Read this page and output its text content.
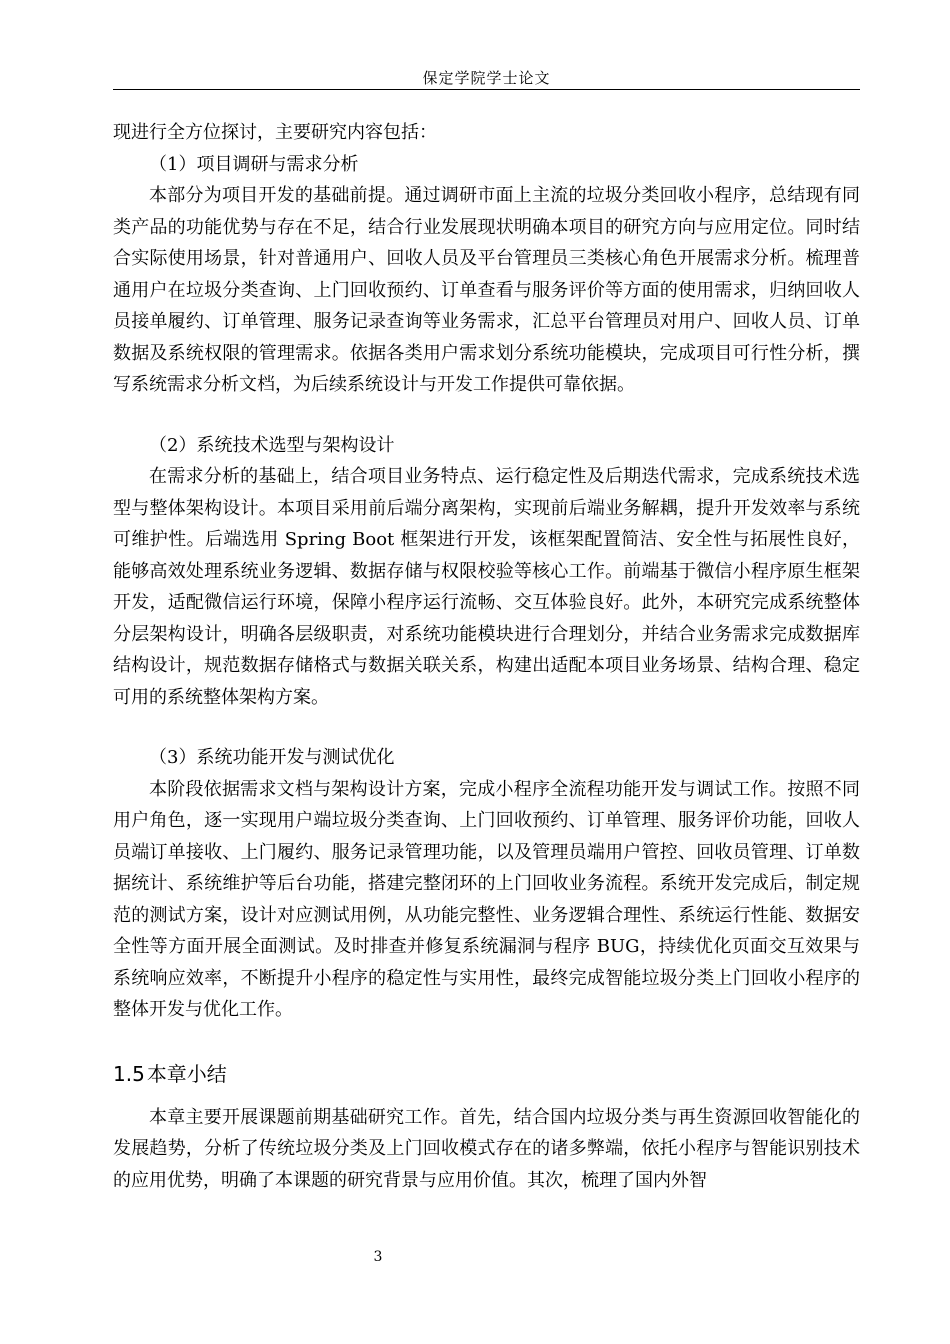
保定学院学士论文

现进行全方位探讨，主要研究内容包括：

（1）项目调研与需求分析

本部分为项目开发的基础前提。通过调研市面上主流的垃圾分类回收小程序，总结现有同类产品的功能优势与存在不足，结合行业发展现状明确本项目的研究方向与应用定位。同时结合实际使用场景，针对普通用户、回收人员及平台管理员三类核心角色开展需求分析。梳理普通用户在垃圾分类查询、上门回收预约、订单查看与服务评价等方面的使用需求，归纳回收人员接单履约、订单管理、服务记录查询等业务需求，汇总平台管理员对用户、回收人员、订单数据及系统权限的管理需求。依据各类用户需求划分系统功能模块，完成项目可行性分析，撰写系统需求分析文档，为后续系统设计与开发工作提供可靠依据。

（2）系统技术选型与架构设计

在需求分析的基础上，结合项目业务特点、运行稳定性及后期迭代需求，完成系统技术选型与整体架构设计。本项目采用前后端分离架构，实现前后端业务解耦，提升开发效率与系统可维护性。后端选用 Spring Boot 框架进行开发，该框架配置简洁、安全性与拓展性良好，能够高效处理系统业务逻辑、数据存储与权限校验等核心工作。前端基于微信小程序原生框架开发，适配微信运行环境，保障小程序运行流畅、交互体验良好。此外，本研究完成系统整体分层架构设计，明确各层级职责，对系统功能模块进行合理划分，并结合业务需求完成数据库结构设计，规范数据存储格式与数据关联关系，构建出适配本项目业务场景、结构合理、稳定可用的系统整体架构方案。

（3）系统功能开发与测试优化

本阶段依据需求文档与架构设计方案，完成小程序全流程功能开发与调试工作。按照不同用户角色，逐一实现用户端垃圾分类查询、上门回收预约、订单管理、服务评价功能，回收人员端订单接收、上门履约、服务记录管理功能，以及管理员端用户管控、回收员管理、订单数据统计、系统维护等后台功能，搭建完整闭环的上门回收业务流程。系统开发完成后，制定规范的测试方案，设计对应测试用例，从功能完整性、业务逻辑合理性、系统运行性能、数据安全性等方面开展全面测试。及时排查并修复系统漏洞与程序 BUG，持续优化页面交互效果与系统响应效率，不断提升小程序的稳定性与实用性，最终完成智能垃圾分类上门回收小程序的整体开发与优化工作。

1.5 本章小结

本章主要开展课题前期基础研究工作。首先，结合国内垃圾分类与再生资源回收智能化的发展趋势，分析了传统垃圾分类及上门回收模式存在的诸多弊端，依托小程序与智能识别技术的应用优势，明确了本课题的研究背景与应用价值。其次，梳理了国内外智

3
